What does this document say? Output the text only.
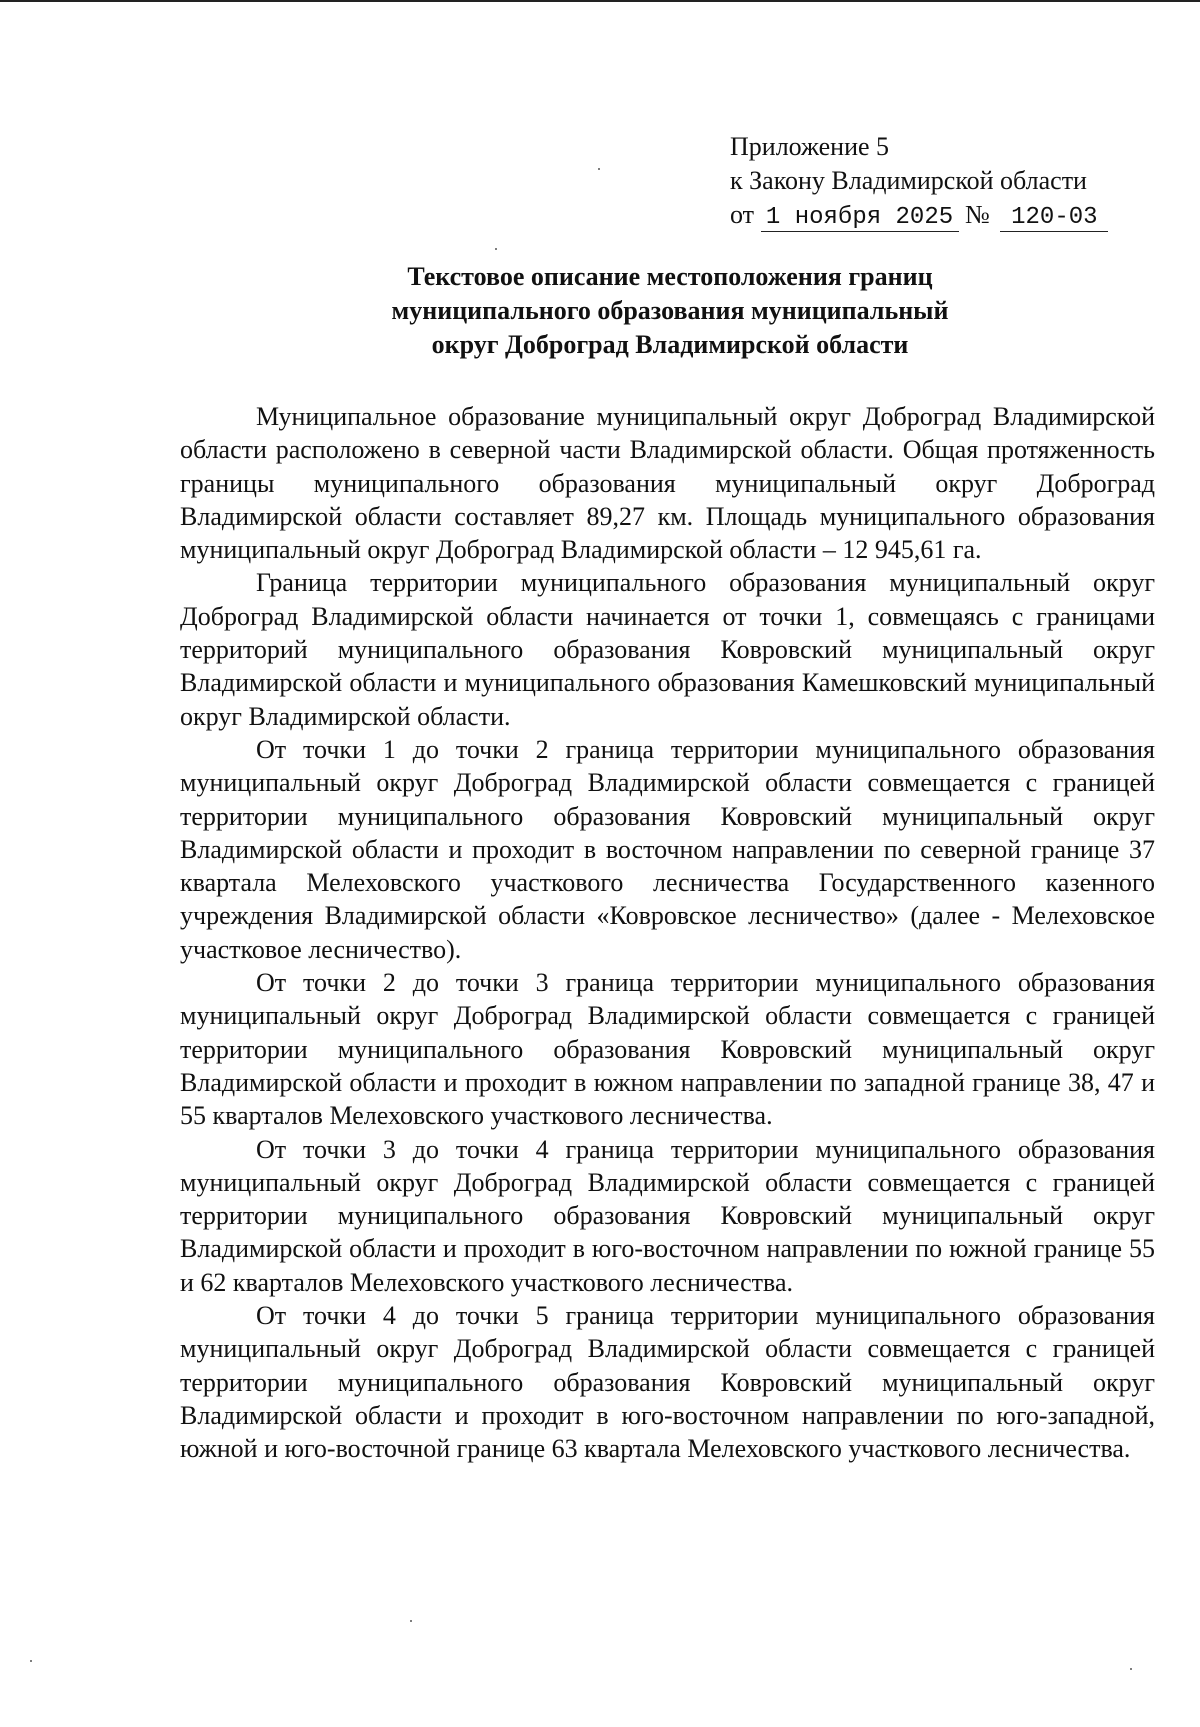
Приложение 5
к Закону Владимирской области
от 1 ноября 2025 № 120-03
Текстовое описание местоположения границ
муниципального образования муниципальный
округ Доброград Владимирской области

Муниципальное образование муниципальный округ Доброград Владимирской области расположено в северной части Владимирской области. Общая протяженность границы муниципального образования муниципальный округ Доброград Владимирской области составляет 89,27 км. Площадь муниципального образования муниципальный округ Доброград Владимирской области – 12 945,61 га.

Граница территории муниципального образования муниципальный округ Доброград Владимирской области начинается от точки 1, совмещаясь с границами территорий муниципального образования Ковровский муниципальный округ Владимирской области и муниципального образования Камешковский муниципальный округ Владимирской области.

От точки 1 до точки 2 граница территории муниципального образования муниципальный округ Доброград Владимирской области совмещается с границей территории муниципального образования Ковровский муниципальный округ Владимирской области и проходит в восточном направлении по северной границе 37 квартала Мелеховского участкового лесничества Государственного казенного учреждения Владимирской области «Ковровское лесничество» (далее - Мелеховское участковое лесничество).

От точки 2 до точки 3 граница территории муниципального образования муниципальный округ Доброград Владимирской области совмещается с границей территории муниципального образования Ковровский муниципальный округ Владимирской области и проходит в южном направлении по западной границе 38, 47 и 55 кварталов Мелеховского участкового лесничества.

От точки 3 до точки 4 граница территории муниципального образования муниципальный округ Доброград Владимирской области совмещается с границей территории муниципального образования Ковровский муниципальный округ Владимирской области и проходит в юго-восточном направлении по южной границе 55 и 62 кварталов Мелеховского участкового лесничества.

От точки 4 до точки 5 граница территории муниципального образования муниципальный округ Доброград Владимирской области совмещается с границей территории муниципального образования Ковровский муниципальный округ Владимирской области и проходит в юго-восточном направлении по юго-западной, южной и юго-восточной границе 63 квартала Мелеховского участкового лесничества.
